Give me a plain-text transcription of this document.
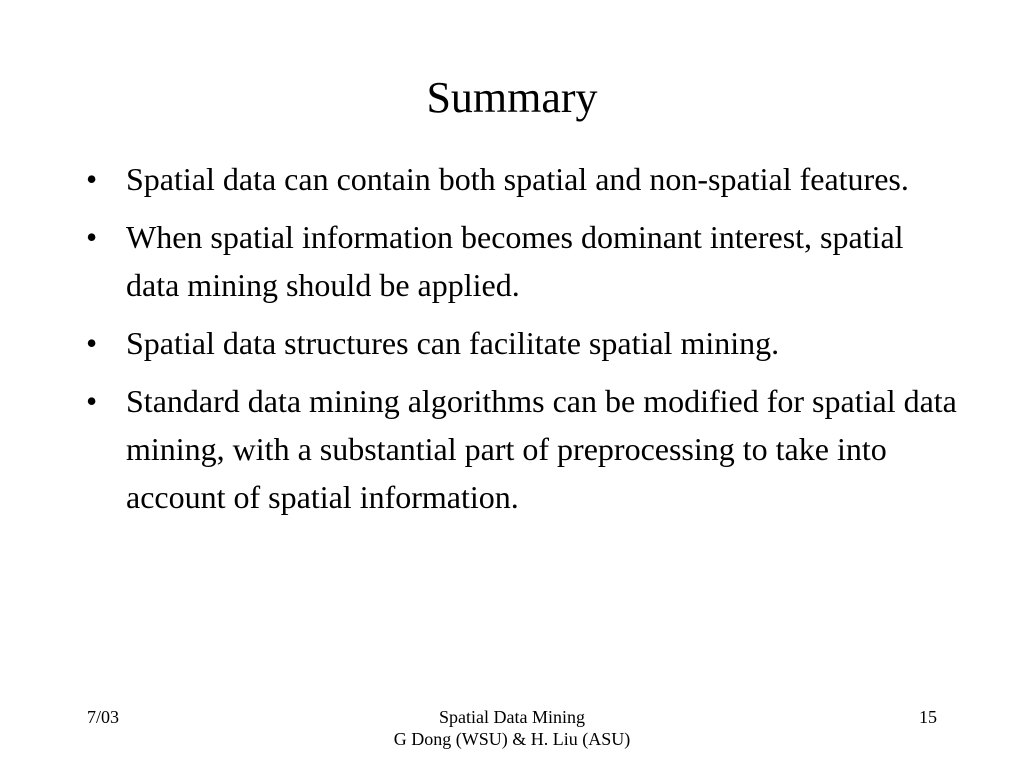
Summary
• Spatial data can contain both spatial and non-spatial features.
• When spatial information becomes dominant interest, spatial data mining should be applied.
• Spatial data structures can facilitate spatial mining.
• Standard data mining algorithms can be modified for spatial data mining, with a substantial part of preprocessing to take into account of spatial information.
7/03	Spatial Data Mining
G Dong (WSU) & H. Liu (ASU)
15
